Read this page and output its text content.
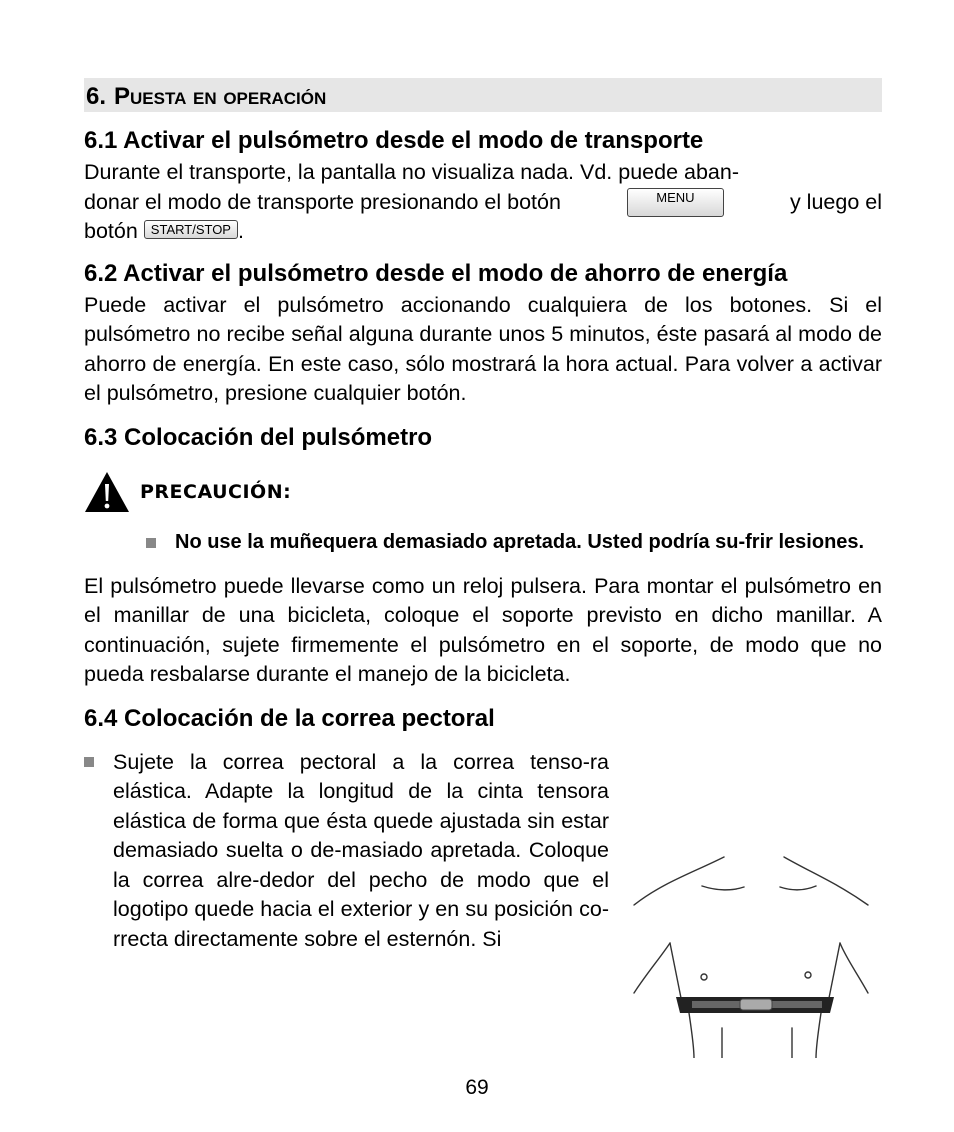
6. Puesta en operación
6.1 Activar el pulsómetro desde el modo de transporte

Durante el transporte, la pantalla no visualiza nada. Vd. puede aban-

donar el modo de transporte presionando el botón	MENU	y luego el

botón START/STOP .

6.2 Activar el pulsómetro desde el modo de ahorro de energía

Puede activar el pulsómetro accionando cualquiera de los botones. Si el pulsómetro no recibe señal alguna durante unos 5 minutos, éste pasará al modo de ahorro de energía. En este caso, sólo mostrará la hora actual. Para volver a activar el pulsómetro, presione cualquier botón.

6.3 Colocación del pulsómetro
PRECAUCIÓN:
No use la muñequera demasiado apretada. Usted podría su-frir lesiones.

El pulsómetro puede llevarse como un reloj pulsera. Para montar el pulsómetro en el manillar de una bicicleta, coloque el soporte previsto en dicho manillar. A continuación, sujete firmemente el pulsómetro en el soporte, de modo que no pueda resbalarse durante el manejo de la bicicleta.

6.4 Colocación de la correa pectoral
Sujete la correa pectoral a la correa tenso-ra elástica. Adapte la longitud de la cinta tensora elástica de forma que ésta quede ajustada sin estar demasiado suelta o de-masiado apretada. Coloque la correa alre-dedor del pecho de modo que el logotipo quede hacia el exterior y en su posición co-rrecta directamente sobre el esternón. Si
69
